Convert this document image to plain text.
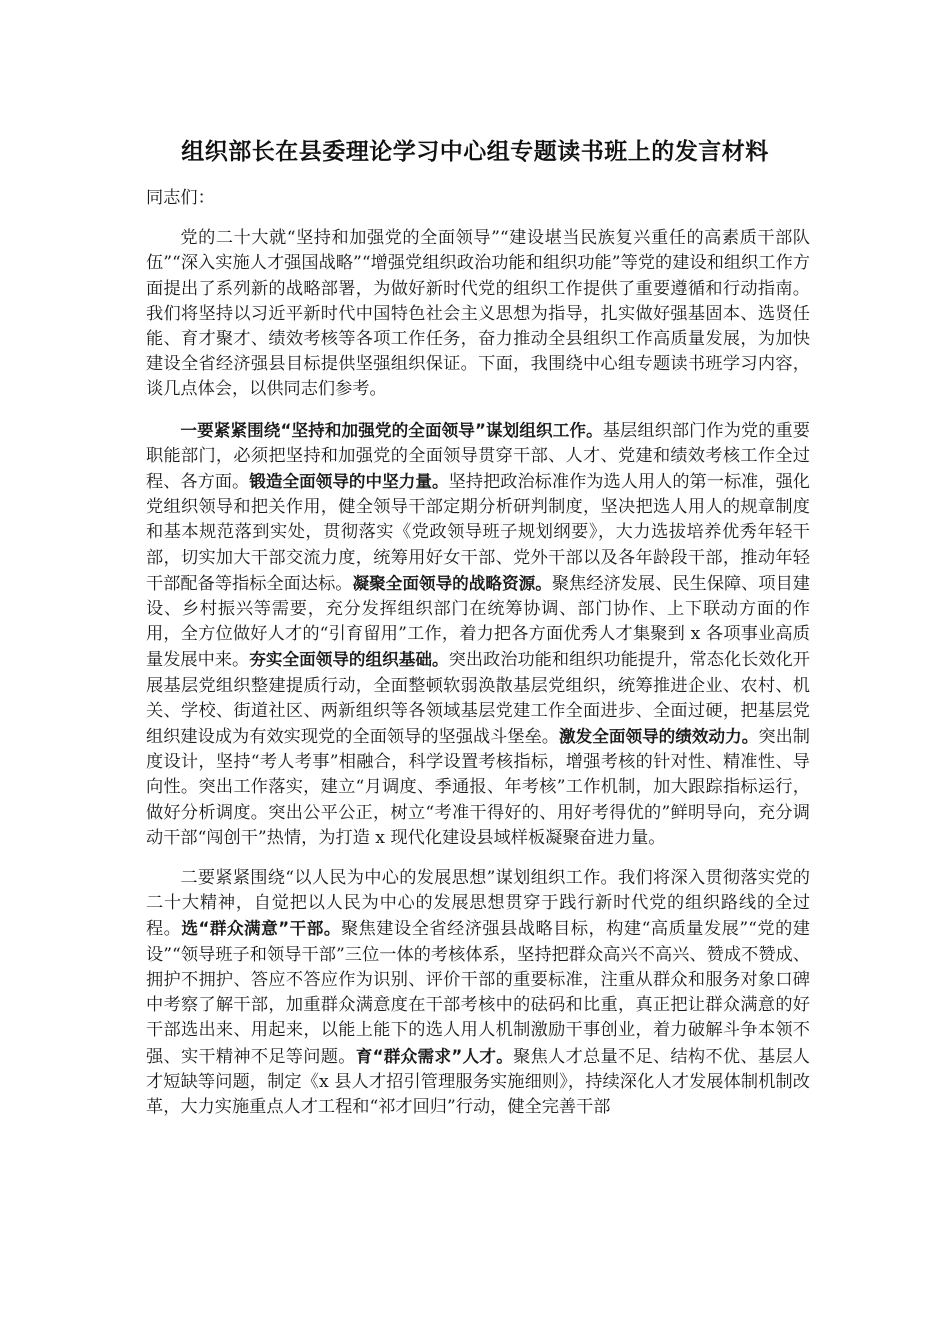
组织部长在县委理论学习中心组专题读书班上的发言材料

同志们：

党的二十大就“坚持和加强党的全面领导”“建设堪当民族复兴重任的高素质干部队伍”“深入实施人才强国战略”“增强党组织政治功能和组织功能”等党的建设和组织工作方面提出了系列新的战略部署，为做好新时代党的组织工作提供了重要遵循和行动指南。我们将坚持以习近平新时代中国特色社会主义思想为指导，扎实做好强基固本、选贤任能、育才聚才、绩效考核等各项工作任务，奋力推动全县组织工作高质量发展，为加快建设全省经济强县目标提供坚强组织保证。下面，我围绕中心组专题读书班学习内容，谈几点体会，以供同志们参考。

一要紧紧围绕“坚持和加强党的全面领导”谋划组织工作。基层组织部门作为党的重要职能部门，必须把坚持和加强党的全面领导贯穿干部、人才、党建和绩效考核工作全过程、各方面。锻造全面领导的中坚力量。坚持把政治标准作为选人用人的第一标准，强化党组织领导和把关作用，健全领导干部定期分析研判制度，坚决把选人用人的规章制度和基本规范落到实处，贯彻落实《党政领导班子规划纲要》，大力选拔培养优秀年轻干部，切实加大干部交流力度，统筹用好女干部、党外干部以及各年龄段干部，推动年轻干部配备等指标全面达标。凝聚全面领导的战略资源。聚焦经济发展、民生保障、项目建设、乡村振兴等需要，充分发挥组织部门在统筹协调、部门协作、上下联动方面的作用，全方位做好人才的“引育留用”工作，着力把各方面优秀人才集聚到 x 各项事业高质量发展中来。夯实全面领导的组织基础。突出政治功能和组织功能提升，常态化长效化开展基层党组织整建提质行动，全面整顿软弱涣散基层党组织，统筹推进企业、农村、机关、学校、街道社区、两新组织等各领域基层党建工作全面进步、全面过硬，把基层党组织建设成为有效实现党的全面领导的坚强战斗堡垒。激发全面领导的绩效动力。突出制度设计，坚持“考人考事”相融合，科学设置考核指标，增强考核的针对性、精准性、导向性。突出工作落实，建立“月调度、季通报、年考核”工作机制，加大跟踪指标运行，做好分析调度。突出公平公正，树立“考准干得好的、用好考得优的”鲜明导向，充分调动干部“闯创干”热情，为打造 x 现代化建设县域样板凝聚奋进力量。

二要紧紧围绕“以人民为中心的发展思想”谋划组织工作。我们将深入贯彻落实党的二十大精神，自觉把以人民为中心的发展思想贯穿于践行新时代党的组织路线的全过程。选“群众满意”干部。聚焦建设全省经济强县战略目标，构建“高质量发展”“党的建设”“领导班子和领导干部”三位一体的考核体系，坚持把群众高兴不高兴、赞成不赞成、拥护不拥护、答应不答应作为识别、评价干部的重要标准，注重从群众和服务对象口碑中考察了解干部，加重群众满意度在干部考核中的砝码和比重，真正把让群众满意的好干部选出来、用起来，以能上能下的选人用人机制激励干事创业，着力破解斗争本领不强、实干精神不足等问题。育“群众需求”人才。聚焦人才总量不足、结构不优、基层人才短缺等问题，制定《x 县人才招引管理服务实施细则》，持续深化人才发展体制机制改革，大力实施重点人才工程和“祁才回归”行动，健全完善干部
